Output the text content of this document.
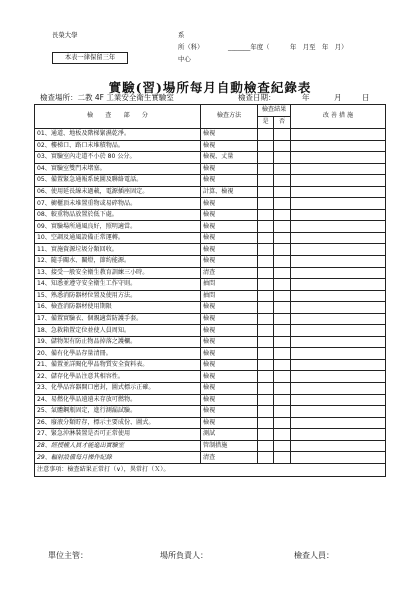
長榮大學	系
所（科）	_______年度（	年　月至　年　月）
中心
本表一律保留三年
實驗(習)場所每月自動檢查紀錄表
檢查場所：二教 4F 工業安全衛生實驗室	檢查日期：	年	月	日
檢　　查　　部　　分	檢查方法	檢查結果		改 善 措 施
		是	否	
01、通道、地板及階梯緊濕乾淨。	檢視			
02、樓梯口、路口未堆積物品。	檢視			
03、實驗室內走道不小於 80 公分。	檢視、丈量			
04、實驗室雙門未堵塞。	檢視			
05、備置緊急通報系統圖及聯絡電話。	檢視			
06、使用延長線未過載，電源插座固定。	計算、檢視			
07、櫥櫃頂未堆置重物或易碎物品。	檢視			
08、較重物品放置於低下處。	檢視			
09、實驗場所通風良好，照明適當。	檢視			
10、空調及通風設備正常運轉。	檢視			
11、實施資源垃圾分類回收。	檢視			
12、隨手關水、關燈，節約能源。	檢視			
13、接受一般安全衛生教育訓練三小時。	清查			
14、知悉並遵守安全衛生工作守則。	抽問			
15、熟悉消防器材位置及使用方法。	抽問			
16、檢查消防器材使用期限	檢視			
17、備置實驗衣、個親適當防護手套。	檢視			
18、急救箱置定位並使人員周知。	檢視			
19、儲物架有防止物品掉落之護欄。	檢視			
20、備有化學品存量清冊。	檢視			
21、備置並詳閱化學品物質安全資料表。	檢視			
22、儲存化學品注意其相容性。	檢視			
23、化學品容器開口密封，圖式標示正確。	檢視			
24、易燃化學品遠遠未存放可燃物。	檢視			
25、氣體鋼瓶固定，進行測漏試驗。	檢視			
26、廢液分類貯存，標示主要成份、圖式。	檢視			
27、緊急沖淋裝置是否可正常使用	測試			
28、經授權人員才能進出實驗室	管制措施			
29、輻射設備每月操作紀錄	清查			
注意事項：檢查結果正常打（∨），異常打（Ｘ）。				
單位主管：	場所負責人：	檢查人員：
